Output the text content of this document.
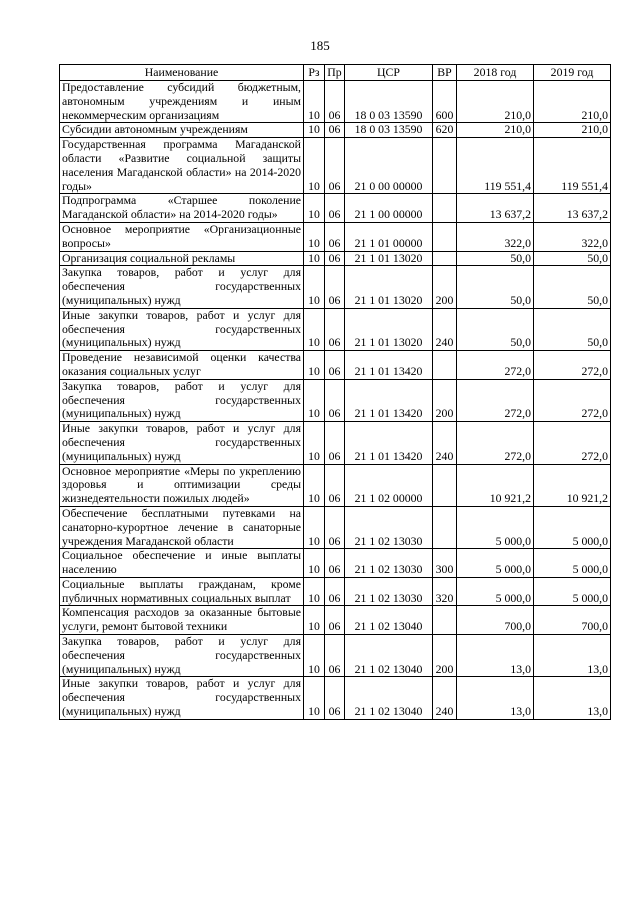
185
Наименование	Рз	Пр	ЦСР	ВР	2018 год	2019 год
Предоставление субсидий бюджетным, автономным учреждениям и иным некоммерческим организациям	10	06	18 0 03 13590	600	210,0	210,0
Субсидии автономным учреждениям	10	06	18 0 03 13590	620	210,0	210,0
Государственная программа Магаданской области «Развитие социальной защиты населения Магаданской области» на 2014-2020 годы»	10	06	21 0 00 00000		119 551,4	119 551,4
Подпрограмма «Старшее поколение Магаданской области» на 2014-2020 годы»	10	06	21 1 00 00000		13 637,2	13 637,2
Основное мероприятие «Организационные вопросы»	10	06	21 1 01 00000		322,0	322,0
Организация социальной рекламы	10	06	21 1 01 13020		50,0	50,0
Закупка товаров, работ и услуг для обеспечения государственных (муниципальных) нужд	10	06	21 1 01 13020	200	50,0	50,0
Иные закупки товаров, работ и услуг для обеспечения государственных (муниципальных) нужд	10	06	21 1 01 13020	240	50,0	50,0
Проведение независимой оценки качества оказания социальных услуг	10	06	21 1 01 13420		272,0	272,0
Закупка товаров, работ и услуг для обеспечения государственных (муниципальных) нужд	10	06	21 1 01 13420	200	272,0	272,0
Иные закупки товаров, работ и услуг для обеспечения государственных (муниципальных) нужд	10	06	21 1 01 13420	240	272,0	272,0
Основное мероприятие «Меры по укреплению здоровья и оптимизации среды жизнедеятельности пожилых людей»	10	06	21 1 02 00000		10 921,2	10 921,2
Обеспечение бесплатными путевками на санаторно-курортное лечение в санаторные учреждения Магаданской области	10	06	21 1 02 13030		5 000,0	5 000,0
Социальное обеспечение и иные выплаты населению	10	06	21 1 02 13030	300	5 000,0	5 000,0
Социальные выплаты гражданам, кроме публичных нормативных социальных выплат	10	06	21 1 02 13030	320	5 000,0	5 000,0
Компенсация расходов за оказанные бытовые услуги, ремонт бытовой техники	10	06	21 1 02 13040		700,0	700,0
Закупка товаров, работ и услуг для обеспечения государственных (муниципальных) нужд	10	06	21 1 02 13040	200	13,0	13,0
Иные закупки товаров, работ и услуг для обеспечения государственных (муниципальных) нужд	10	06	21 1 02 13040	240	13,0	13,0
